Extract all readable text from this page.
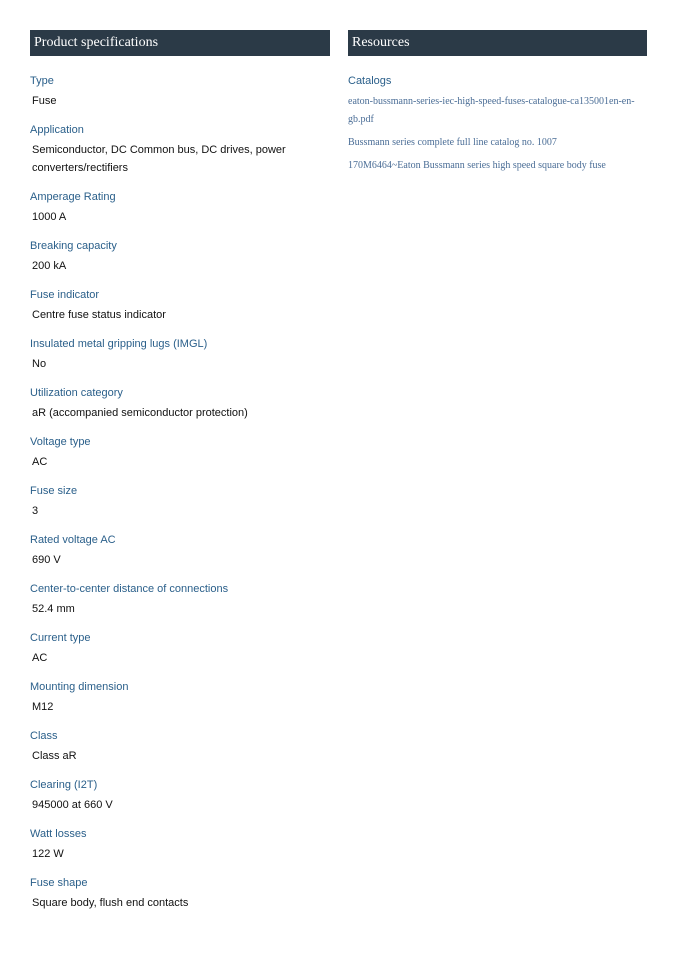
Product specifications
Type
Fuse
Application
Semiconductor, DC Common bus, DC drives, power converters/rectifiers
Amperage Rating
1000 A
Breaking capacity
200 kA
Fuse indicator
Centre fuse status indicator
Insulated metal gripping lugs (IMGL)
No
Utilization category
aR (accompanied semiconductor protection)
Voltage type
AC
Fuse size
3
Rated voltage AC
690 V
Center-to-center distance of connections
52.4 mm
Current type
AC
Mounting dimension
M12
Class
Class aR
Clearing (I2T)
945000 at 660 V
Watt losses
122 W
Fuse shape
Square body, flush end contacts
Resources
Catalogs
eaton-bussmann-series-iec-high-speed-fuses-catalogue-ca135001en-en-gb.pdf
Bussmann series complete full line catalog no. 1007
170M6464~Eaton Bussmann series high speed square body fuse
